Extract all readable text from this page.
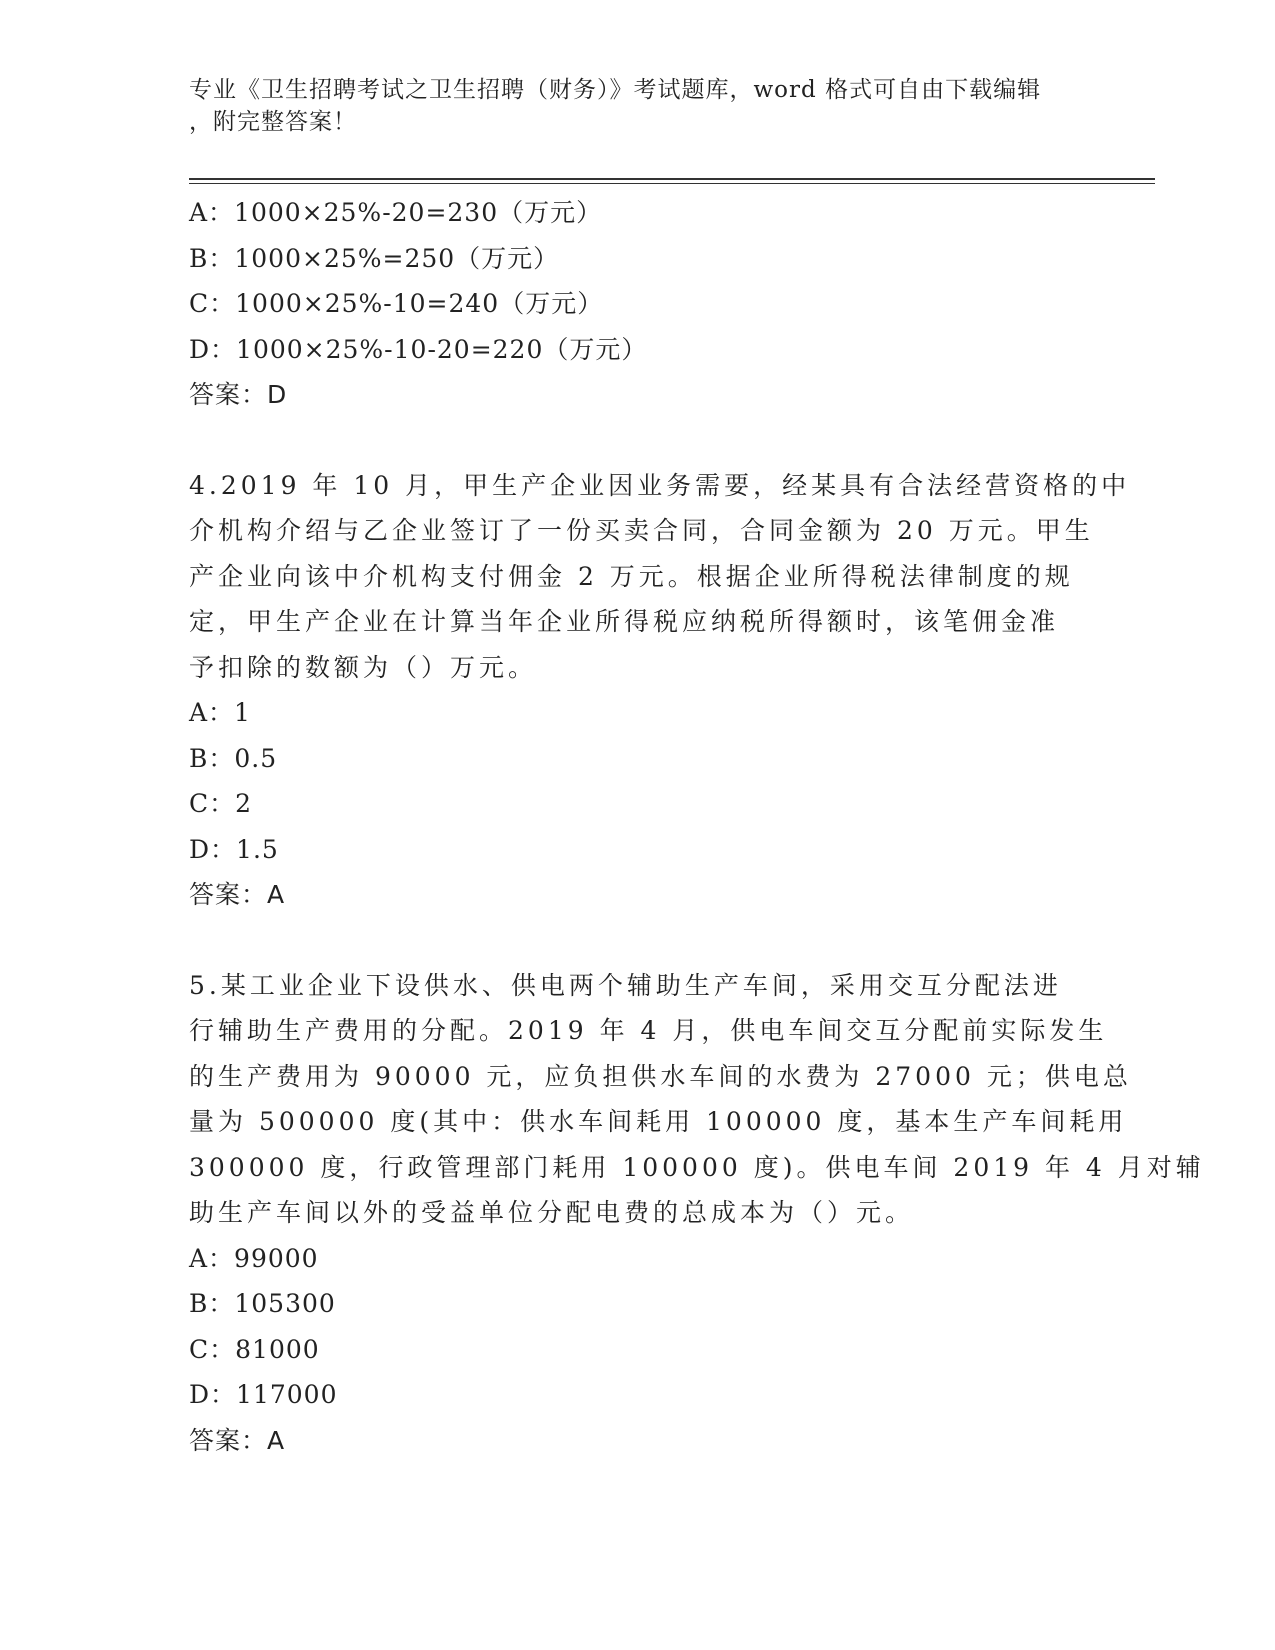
专业《卫生招聘考试之卫生招聘（财务）》考试题库，word 格式可自由下载编辑
，附完整答案！
A：1000×25%-20=230（万元）
B：1000×25%=250（万元）
C：1000×25%-10=240（万元）
D：1000×25%-10-20=220（万元）
答案：D
4.2019 年 10 月，甲生产企业因业务需要，经某具有合法经营资格的中
介机构介绍与乙企业签订了一份买卖合同，合同金额为 20 万元。甲生
产企业向该中介机构支付佣金 2 万元。根据企业所得税法律制度的规
定，甲生产企业在计算当年企业所得税应纳税所得额时，该笔佣金准
予扣除的数额为（）万元。
A：1
B：0.5
C：2
D：1.5
答案：A
5.某工业企业下设供水、供电两个辅助生产车间，采用交互分配法进
行辅助生产费用的分配。2019 年 4 月，供电车间交互分配前实际发生
的生产费用为 90000 元，应负担供水车间的水费为 27000 元；供电总
量为 500000 度(其中：供水车间耗用 100000 度，基本生产车间耗用
300000 度，行政管理部门耗用 100000 度)。供电车间 2019 年 4 月对辅
助生产车间以外的受益单位分配电费的总成本为（）元。
A：99000
B：105300
C：81000
D：117000
答案：A
